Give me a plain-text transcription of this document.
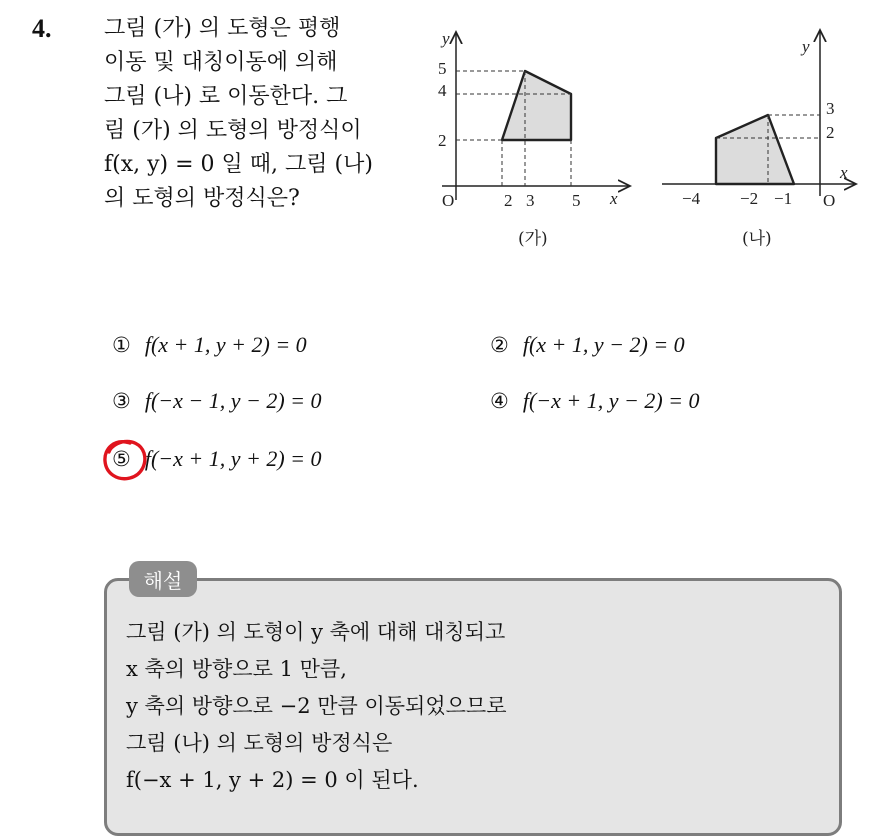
4. 그림 (가) 의 도형은 평행
이동 및 대칭이동에 의해
그림 (나) 로 이동한다. 그
림 (가) 의 도형의 방정식이
f(x, y) = 0 일 때, 그림 (나)
의 도형의 방정식은?	O	x
y
2 3 5
2
4
5
(가)
O
x
y
−4 −2 −1
2
3
(나)
① f(x + 1, y + 2) = 0	② f(x + 1, y − 2) = 0
③ f(−x − 1, y − 2) = 0	④ f(−x + 1, y − 2) = 0
⑤ f(−x + 1, y + 2) = 0
해설
그림 (가) 의 도형이 y 축에 대해 대칭되고
x 축의 방향으로 1 만큼,
y 축의 방향으로 −2 만큼 이동되었으므로
그림 (나) 의 도형의 방정식은
f(−x + 1, y + 2) = 0 이 된다.
